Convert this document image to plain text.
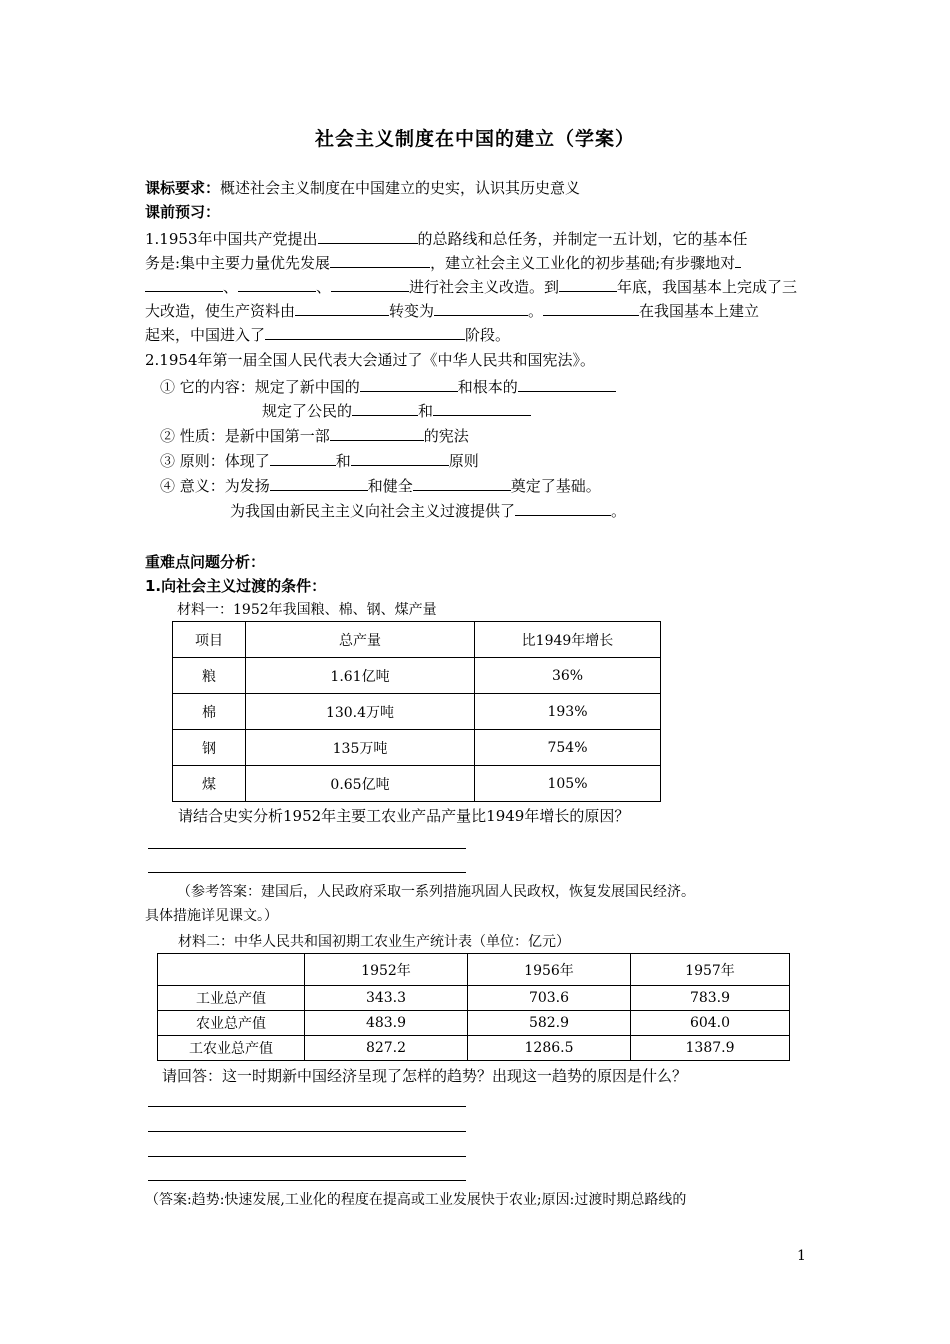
社会主义制度在中国的建立（学案）
课标要求：概述社会主义制度在中国建立的史实，认识其历史意义
课前预习：
1.1953年中国共产党提出	的总路线和总任务，并制定一五计划，它的基本任
务是:集中主要力量优先发展	，建立社会主义工业化的初步基础;有步骤地对
、	、	进行社会主义改造。到	年底，我国基本上完成了三
大改造，使生产资料由	转变为	。	在我国基本上建立
起来，中国进入了	阶段。
2.1954年第一届全国人民代表大会通过了《中华人民共和国宪法》。
① 它的内容：规定了新中国的	和根本的
规定了公民的	和
② 性质：是新中国第一部	的宪法
③ 原则：体现了	和	原则
④ 意义：为发扬	和健全	奠定了基础。
为我国由新民主主义向社会主义过渡提供了	。
重难点问题分析：
1.向社会主义过渡的条件：
材料一：1952年我国粮、棉、钢、煤产量
项目	总产量	比1949年增长
粮	1.61亿吨	36%
棉	130.4万吨	193%
钢	135万吨	754%
煤	0.65亿吨	105%
请结合史实分析1952年主要工农业产品产量比1949年增长的原因？
（参考答案：建国后，人民政府采取一系列措施巩固人民政权，恢复发展国民经济。
具体措施详见课文。）
材料二：中华人民共和国初期工农业生产统计表（单位：亿元）
	1952年	1956年	1957年
工业总产值	343.3	703.6	783.9
农业总产值	483.9	582.9	604.0
工农业总产值	827.2	1286.5	1387.9
请回答：这一时期新中国经济呈现了怎样的趋势？出现这一趋势的原因是什么？
（答案:趋势:快速发展,工业化的程度在提高或工业发展快于农业;原因:过渡时期总路线的
1
